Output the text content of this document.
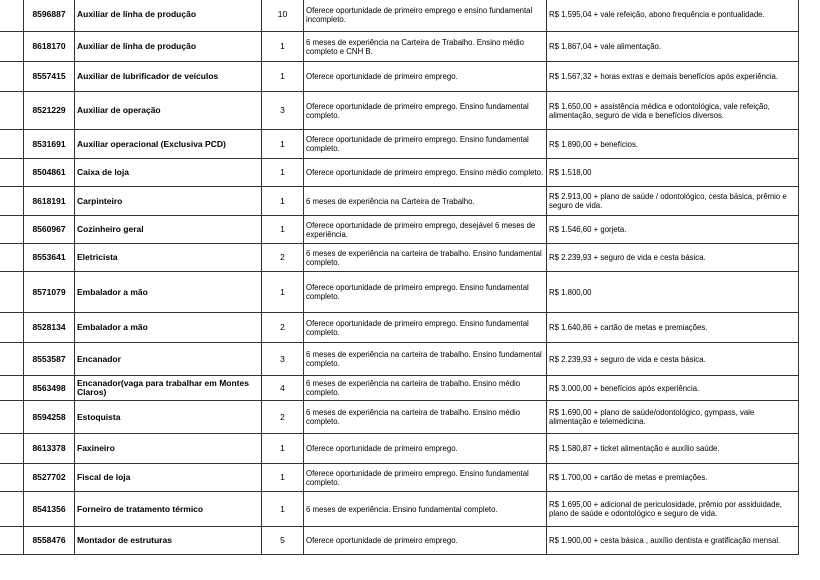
	8596887	Auxiliar de linha de produção	10	Oferece oportunidade de primeiro emprego e ensino fundamental incompleto.	R$ 1.595,04 + vale refeição, abono frequência e pontualidade.
	8618170	Auxiliar de linha de produção	1	6 meses de experiência na Carteira de Trabalho. Ensino médio completo e CNH B.	R$ 1.867,04 + vale alimentação.
	8557415	Auxiliar de lubrificador de veículos	1	Oferece oportunidade de primeiro emprego.	R$ 1.567,32 + horas extras e demais benefícios após experiência.
	8521229	Auxiliar de operação	3	Oferece oportunidade de primeiro emprego. Ensino fundamental completo.	R$ 1.650,00 + assistência médica e odontológica, vale refeição, alimentação, seguro de vida e benefícios diversos.
	8531691	Auxiliar operacional (Exclusiva PCD)	1	Oferece oportunidade de primeiro emprego. Ensino fundamental completo.	R$ 1.890,00 + benefícios.
	8504861	Caixa de loja	1	Oferece oportunidade de primeiro emprego. Ensino médio completo.	R$ 1.518,00
	8618191	Carpinteiro	1	6 meses de experiência na Carteira de Trabalho.	R$ 2.913,00 + plano de saúde / odontológico, cesta básica, prêmio e seguro de vida.
	8560967	Cozinheiro geral	1	Oferece oportunidade de primeiro emprego, desejável 6 meses de experiência.	R$ 1.546,60 + gorjeta.
	8553641	Eletricista	2	6 meses de experiência na carteira de trabalho. Ensino fundamental completo.	R$ 2.239,93 + seguro de vida e cesta básica.
	8571079	Embalador a mão	1	Oferece oportunidade de primeiro emprego. Ensino fundamental completo.	R$ 1.800,00
	8528134	Embalador a mão	2	Oferece oportunidade de primeiro emprego. Ensino fundamental completo.	R$ 1.640,86 + cartão de metas e premiações.
	8553587	Encanador	3	6 meses de experiência na carteira de trabalho. Ensino fundamental completo.	R$ 2.239,93 + seguro de vida e cesta básica.
	8563498	Encanador(vaga para trabalhar em Montes Claros)	4	6 meses de experiência na carteira de trabalho. Ensino médio completo.	R$ 3.000,00 + benefícios após experiência.
	8594258	Estoquista	2	6 meses de experiência na carteira de trabalho. Ensino médio completo.	R$ 1.690,00 + plano de saúde/odontológico, gympass, vale alimentação e telemedicina.
	8613378	Faxineiro	1	Oferece oportunidade de primeiro emprego.	R$ 1.580,87 + ticket alimentação e auxílio saúde.
	8527702	Fiscal de loja	1	Oferece oportunidade de primeiro emprego. Ensino fundamental completo.	R$ 1.700,00 + cartão de metas e premiações.
	8541356	Forneiro de tratamento térmico	1	6 meses de experiência. Ensino fundamental completo.	R$ 1.695,00 + adicional de periculosidade, prêmio por assiduidade, plano de saúde e odontológico e seguro de vida.
	8558476	Montador de estruturas	5	Oferece oportunidade de primeiro emprego.	R$ 1.900,00 + cesta básica , auxílio dentista e gratificação mensal.
